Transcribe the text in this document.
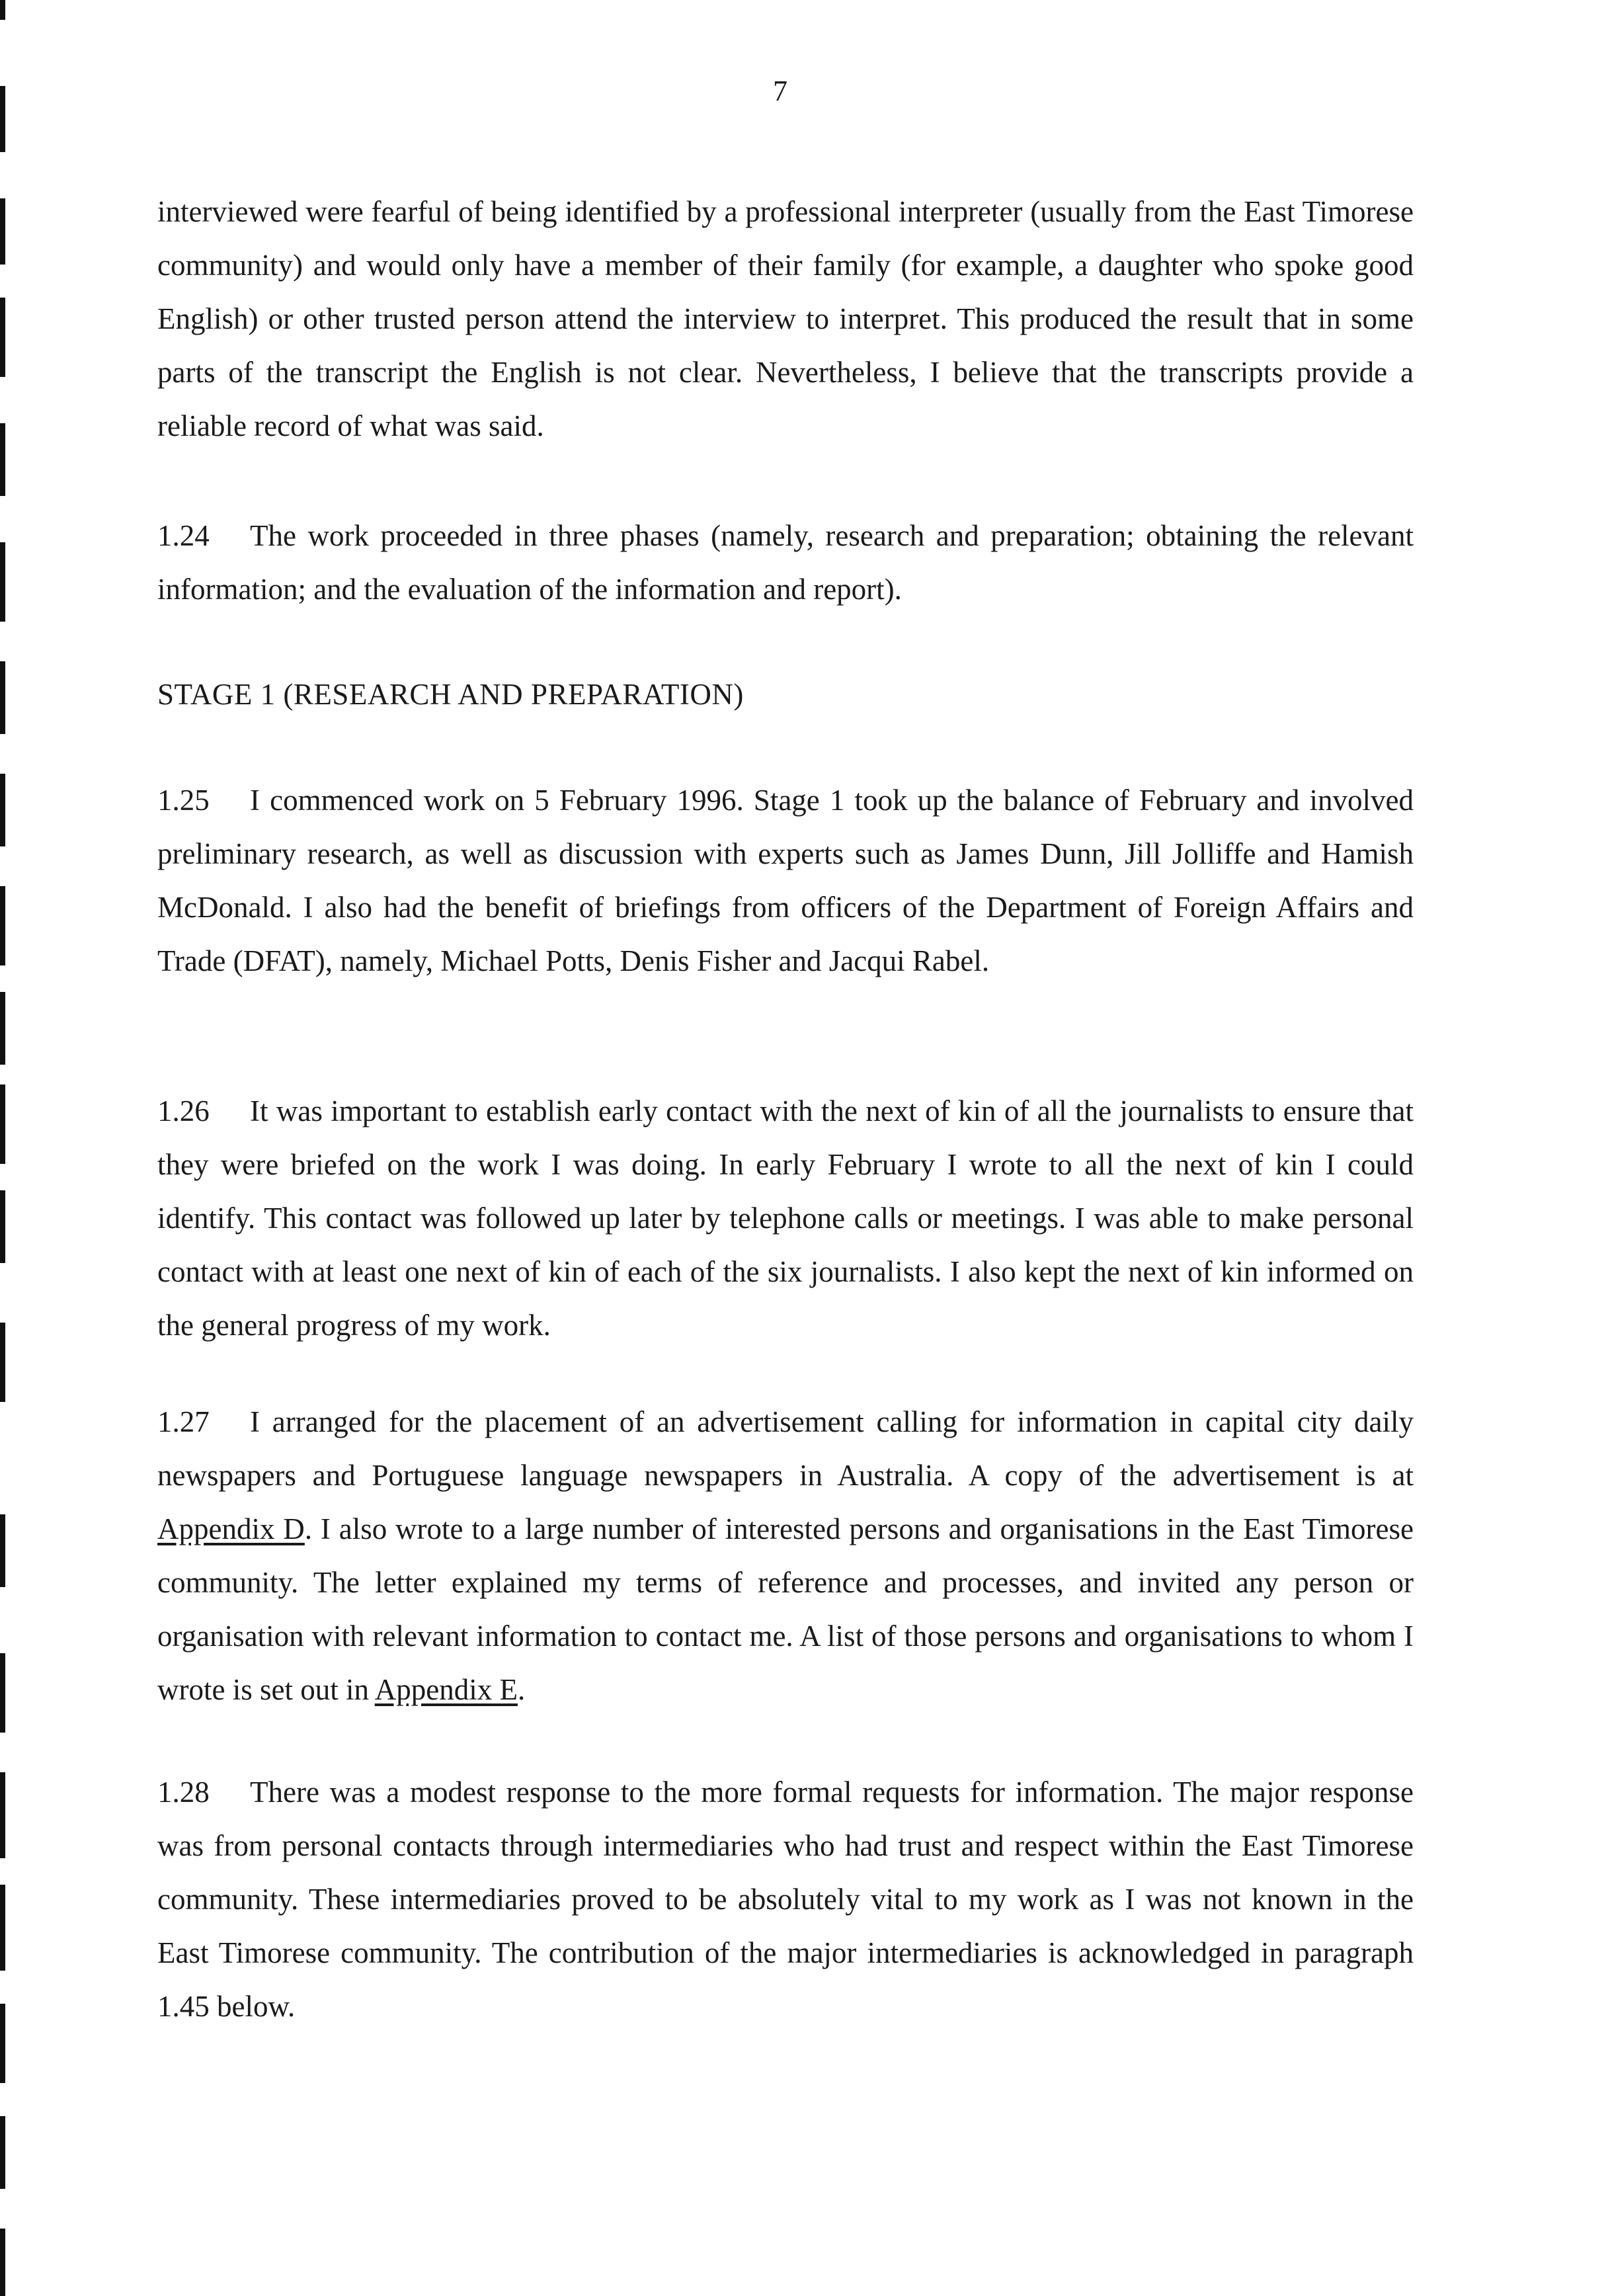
7

interviewed were fearful of being identified by a professional interpreter (usually from the East Timorese community) and would only have a member of their family (for example, a daughter who spoke good English) or other trusted person attend the interview to interpret. This produced the result that in some parts of the transcript the English is not clear. Nevertheless, I believe that the transcripts provide a reliable record of what was said.

1.24 The work proceeded in three phases (namely, research and preparation; obtaining the relevant information; and the evaluation of the information and report).

STAGE 1 (RESEARCH AND PREPARATION)

1.25 I commenced work on 5 February 1996. Stage 1 took up the balance of February and involved preliminary research, as well as discussion with experts such as James Dunn, Jill Jolliffe and Hamish McDonald. I also had the benefit of briefings from officers of the Department of Foreign Affairs and Trade (DFAT), namely, Michael Potts, Denis Fisher and Jacqui Rabel.

1.26 It was important to establish early contact with the next of kin of all the journalists to ensure that they were briefed on the work I was doing. In early February I wrote to all the next of kin I could identify. This contact was followed up later by telephone calls or meetings. I was able to make personal contact with at least one next of kin of each of the six journalists. I also kept the next of kin informed on the general progress of my work.

1.27 I arranged for the placement of an advertisement calling for information in capital city daily newspapers and Portuguese language newspapers in Australia. A copy of the advertisement is at Appendix D. I also wrote to a large number of interested persons and organisations in the East Timorese community. The letter explained my terms of reference and processes, and invited any person or organisation with relevant information to contact me. A list of those persons and organisations to whom I wrote is set out in Appendix E.

1.28 There was a modest response to the more formal requests for information. The major response was from personal contacts through intermediaries who had trust and respect within the East Timorese community. These intermediaries proved to be absolutely vital to my work as I was not known in the East Timorese community. The contribution of the major intermediaries is acknowledged in paragraph 1.45 below.
